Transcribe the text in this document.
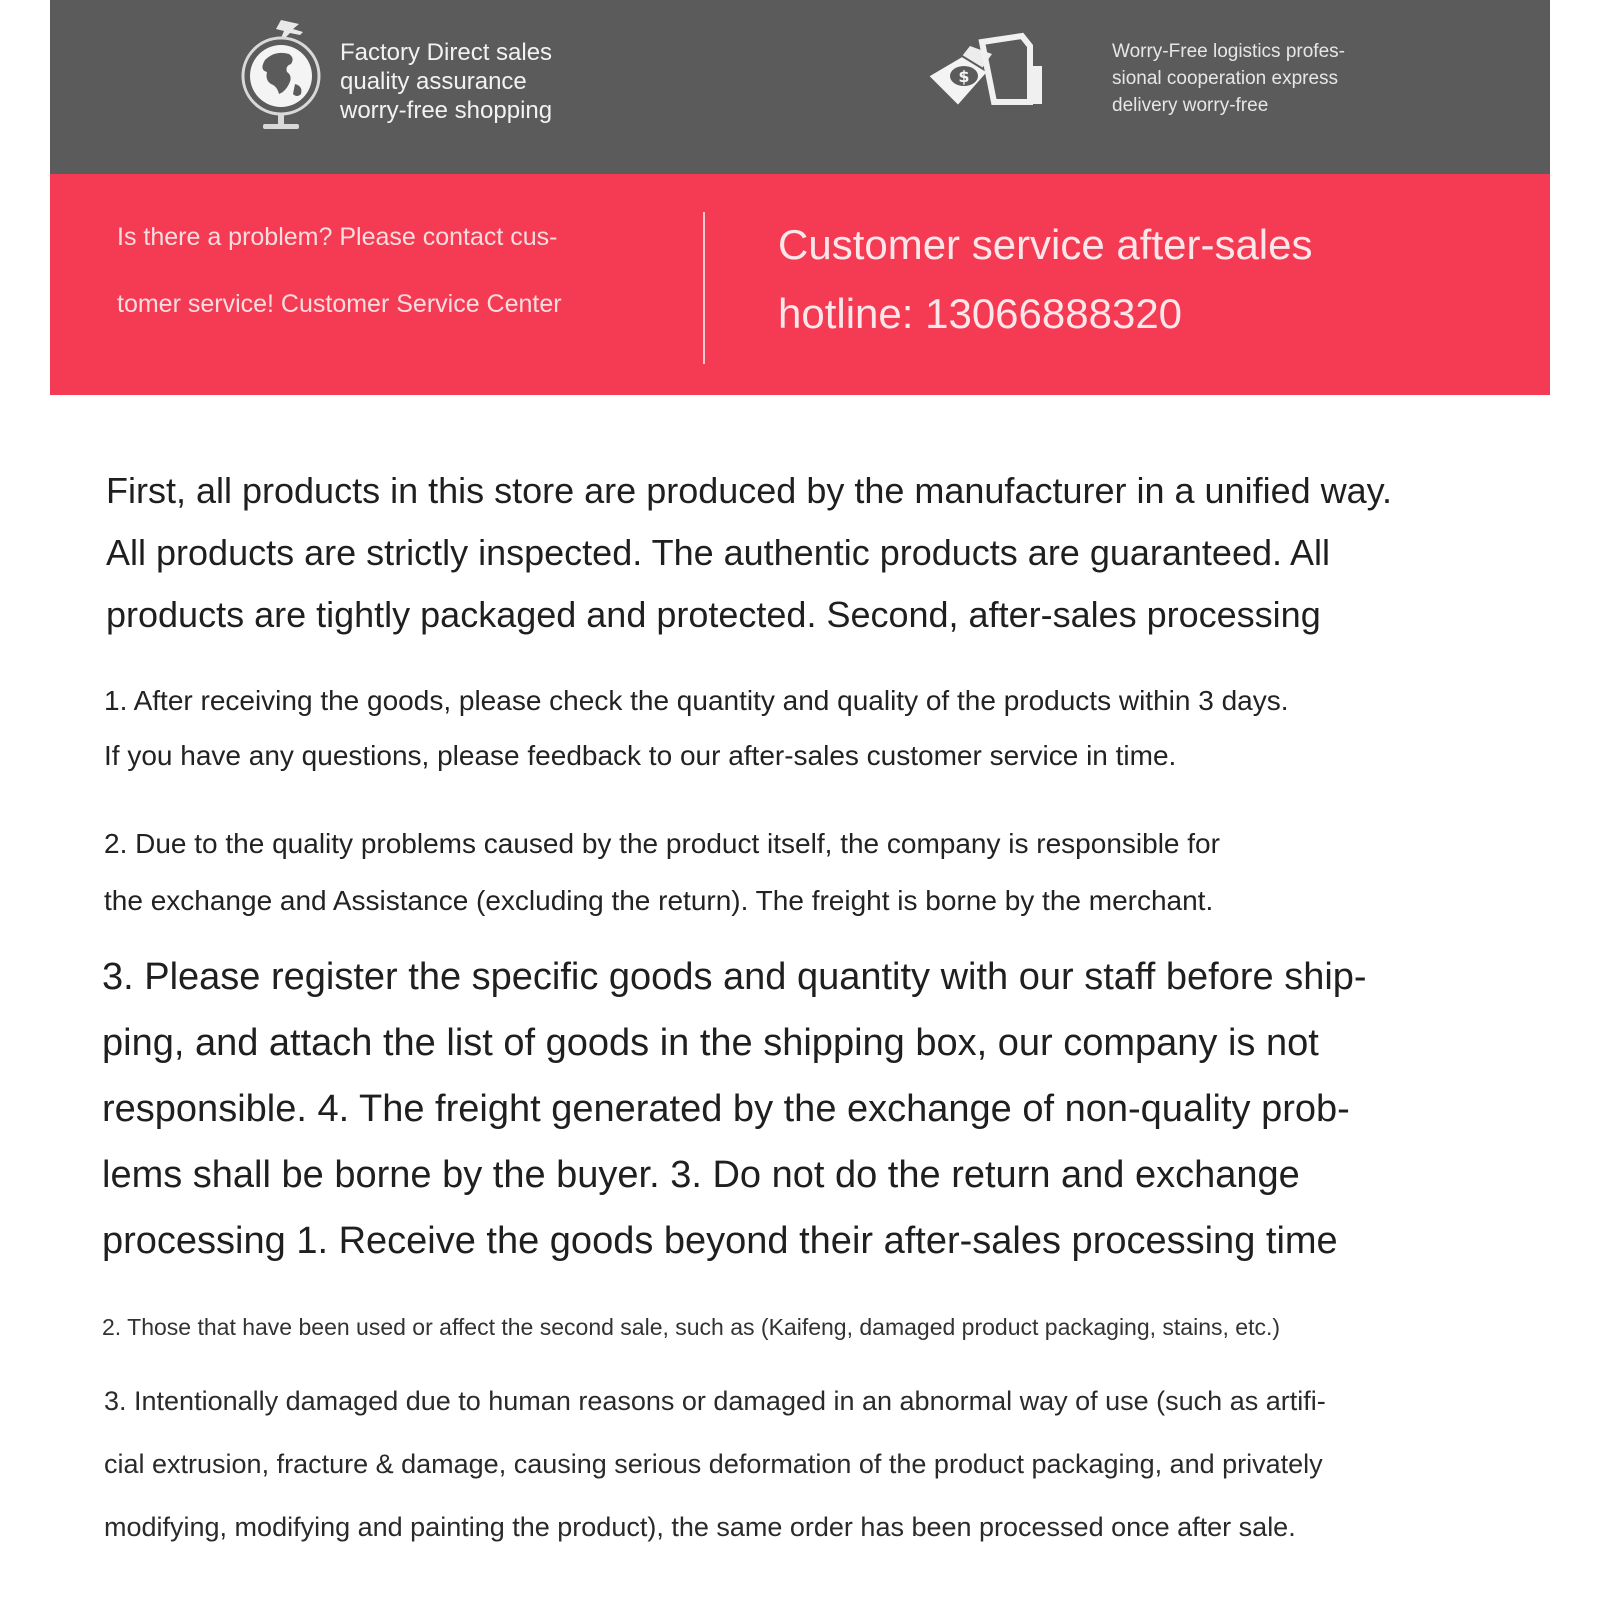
Factory Direct sales
quality assurance
worry-free shopping
$
Worry-Free logistics profes-
sional cooperation express
delivery worry-free
Is there a problem? Please contact cus-
tomer service! Customer Service Center
Customer service after-sales
hotline: 13066888320
First, all products in this store are produced by the manufacturer in a unified way.
All products are strictly inspected. The authentic products are guaranteed. All
products are tightly packaged and protected. Second, after-sales processing
1. After receiving the goods, please check the quantity and quality of the products within 3 days.
If you have any questions, please feedback to our after-sales customer service in time.
2. Due to the quality problems caused by the product itself, the company is responsible for
the exchange and Assistance (excluding the return). The freight is borne by the merchant.
3. Please register the specific goods and quantity with our staff before ship-
ping, and attach the list of goods in the shipping box, our company is not
responsible. 4. The freight generated by the exchange of non-quality prob-
lems shall be borne by the buyer. 3. Do not do the return and exchange
processing 1. Receive the goods beyond their after-sales processing time
2. Those that have been used or affect the second sale, such as (Kaifeng, damaged product packaging, stains, etc.)
3. Intentionally damaged due to human reasons or damaged in an abnormal way of use (such as artifi-
cial extrusion, fracture & damage, causing serious deformation of the product packaging, and privately
modifying, modifying and painting the product), the same order has been processed once after sale.
